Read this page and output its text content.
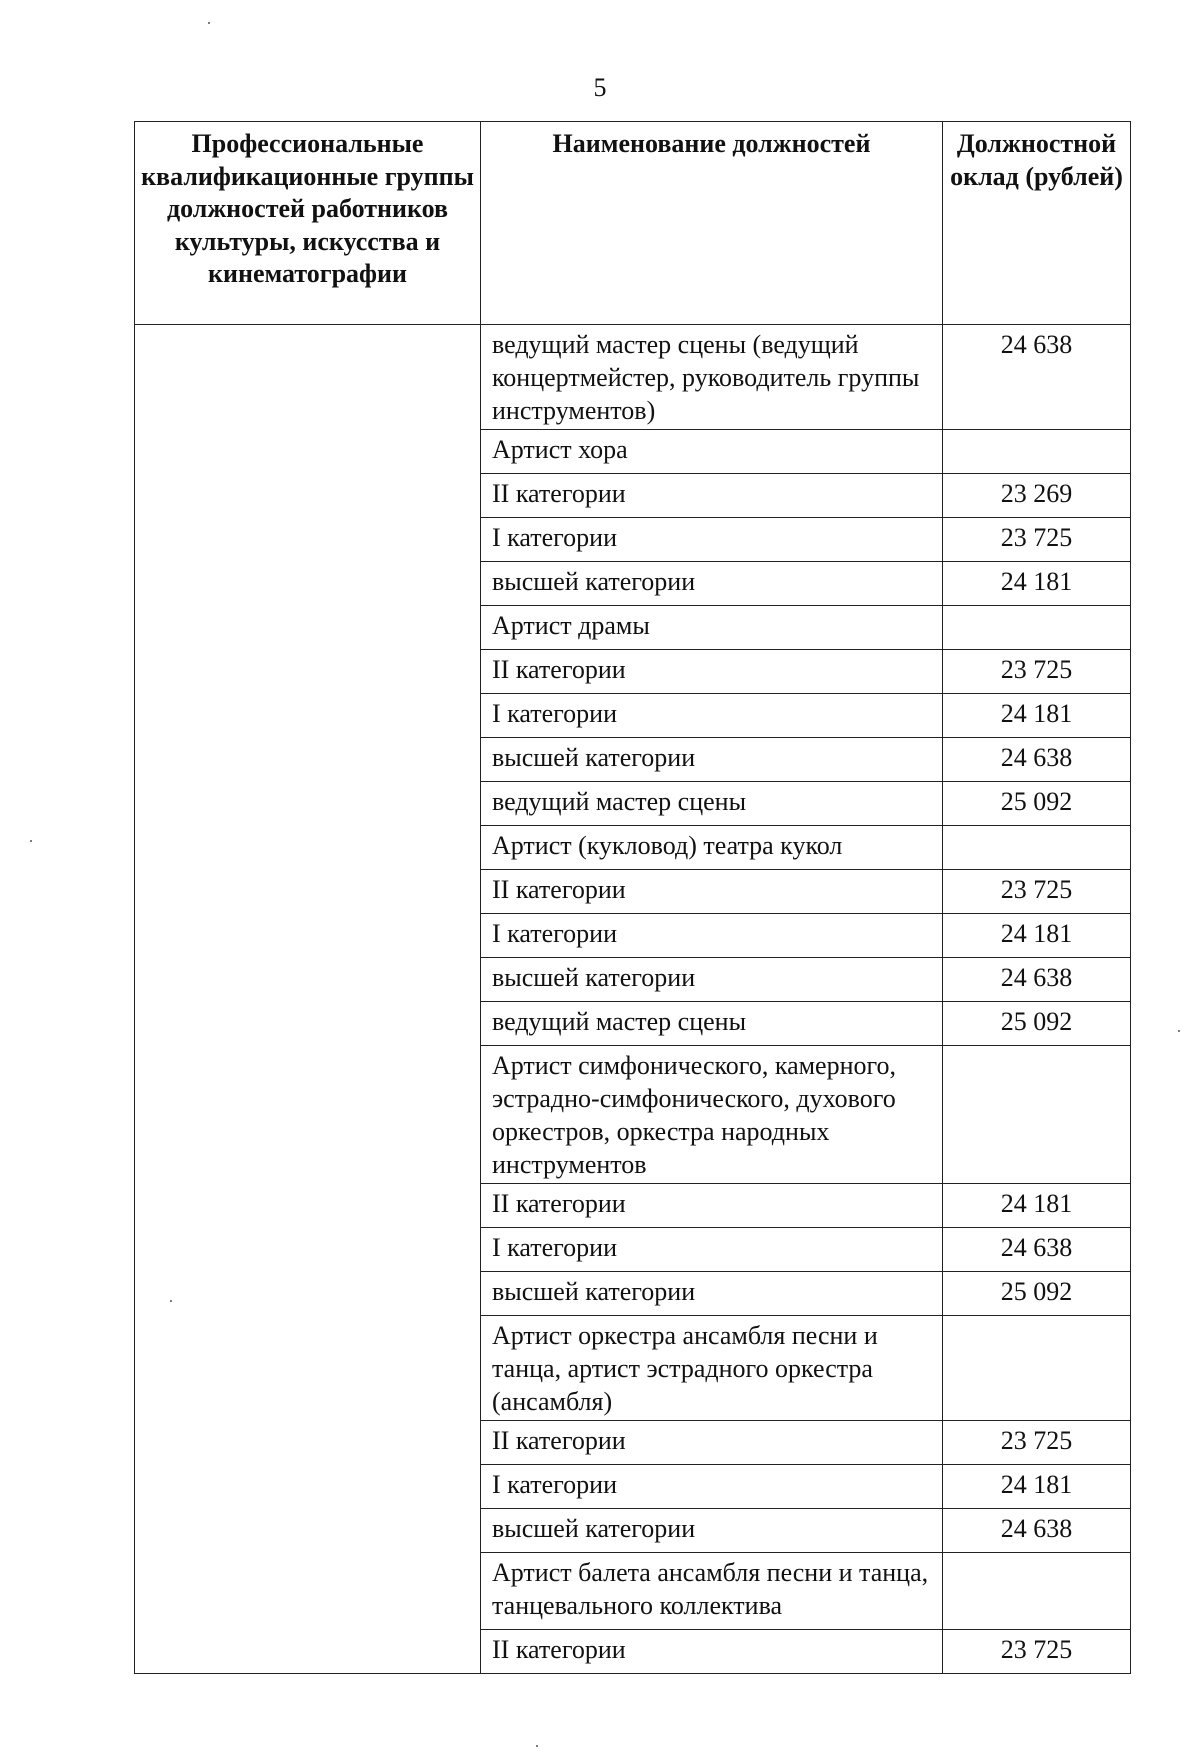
5
Профессиональные квалификационные группы должностей работников культуры, искусства и кинематографии	Наименование должностей	Должностной оклад (рублей)
	ведущий мастер сцены (ведущий концертмейстер, руководитель группы инструментов)	24 638
	Артист хора	
	II категории	23 269
	I категории	23 725
	высшей категории	24 181
	Артист драмы	
	II категории	23 725
	I категории	24 181
	высшей категории	24 638
	ведущий мастер сцены	25 092
	Артист (кукловод) театра кукол	
	II категории	23 725
	I категории	24 181
	высшей категории	24 638
	ведущий мастер сцены	25 092
	Артист симфонического, камерного, эстрадно-симфонического, духового оркестров, оркестра народных инструментов	
	II категории	24 181
	I категории	24 638
	высшей категории	25 092
	Артист оркестра ансамбля песни и танца, артист эстрадного оркестра (ансамбля)	
	II категории	23 725
	I категории	24 181
	высшей категории	24 638
	Артист балета ансамбля песни и танца, танцевального коллектива	
	II категории	23 725
